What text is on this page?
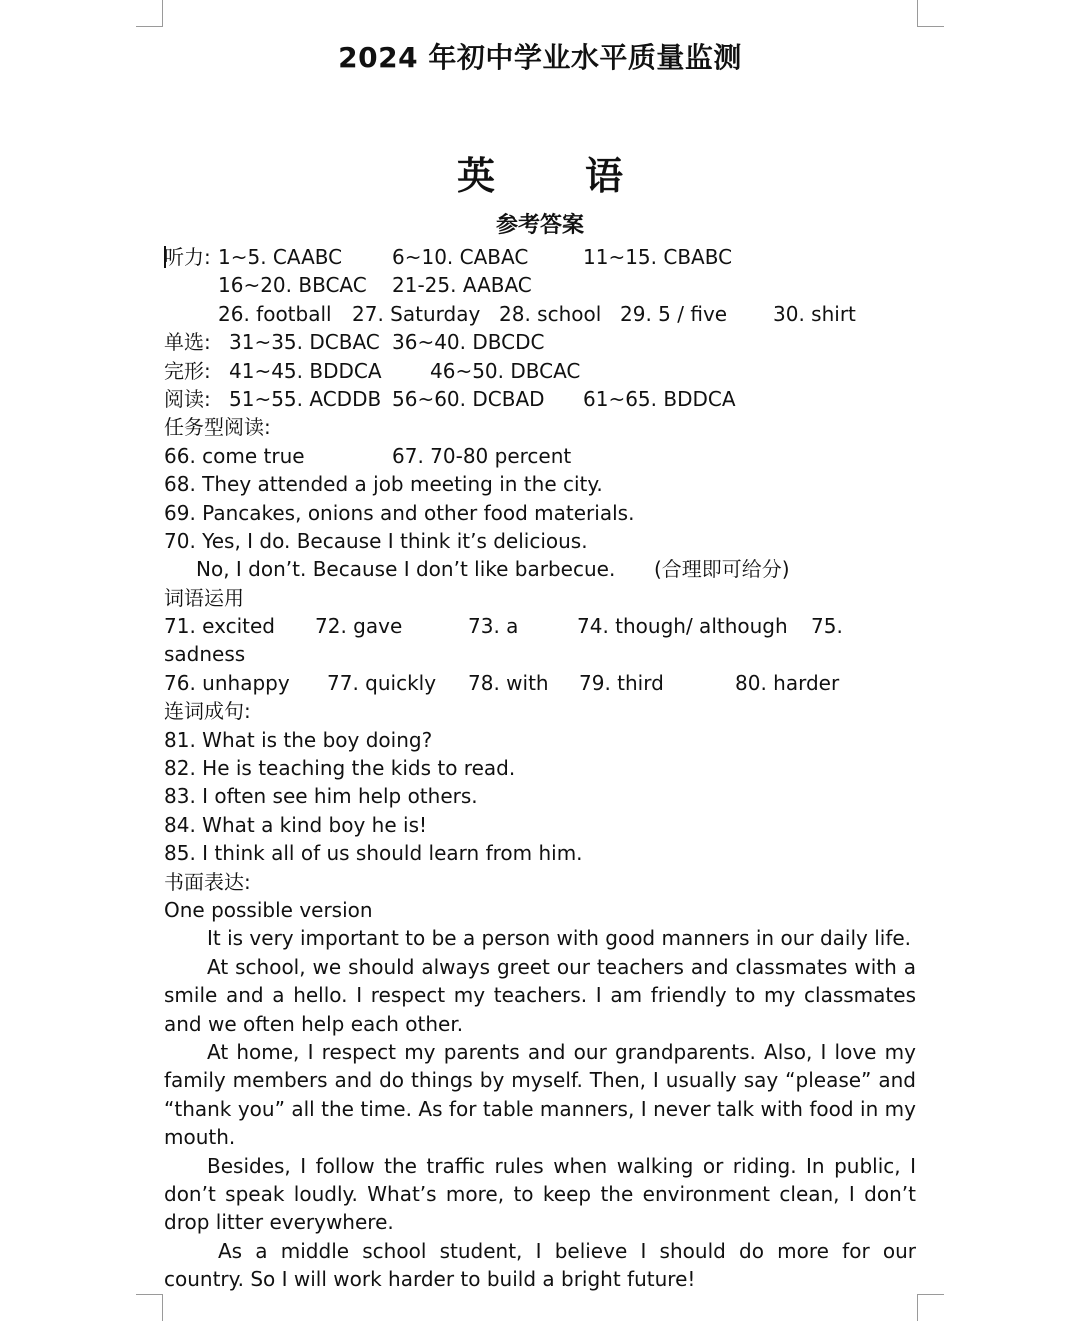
2024 年初中学业水平质量监测
英　语
参考答案
听力: 1~5. CAABC 6~10. CABAC	11~15. CBABC
16~20. BBCAC 21-25. AABAC
26. football 27. Saturday 28. school 29. 5 / five 30. shirt
单选: 31~35. DCBAC 36~40. DBCDC
完形: 41~45. BDDCA 46~50. DBCAC
阅读: 51~55. ACDDB 56~60. DCBAD 61~65. BDDCA
任务型阅读:
66. come true	67. 70-80 percent
68. They attended a job meeting in the city.
69. Pancakes, onions and other food materials.
70. Yes, I do. Because I think it’s delicious.
No, I don’t. Because I don’t like barbecue. (合理即可给分)
词语运用
71. excited 72. gave	73. a	74. though/ although 75.
sadness
76. unhappy 77. quickly 78. with 79. third	80. harder
连词成句:
81. What is the boy doing?
82. He is teaching the kids to read.
83. I often see him help others.
84. What a kind boy he is!
85. I think all of us should learn from him.
书面表达:
One possible version
It is very important to be a person with good manners in our daily life.
At school, we should always greet our teachers and classmates with a smile and a hello. I respect my teachers. I am friendly to my classmates and we often help each other.
At home, I respect my parents and our grandparents. Also, I love my family members and do things by myself. Then, I usually say “please” and “thank you” all the time. As for table manners, I never talk with food in my mouth.
Besides, I follow the traffic rules when walking or riding. In public, I don’t speak loudly. What’s more, to keep the environment clean, I don’t drop litter everywhere.
As a middle school student, I believe I should do more for our country. So I will work harder to build a bright future!
